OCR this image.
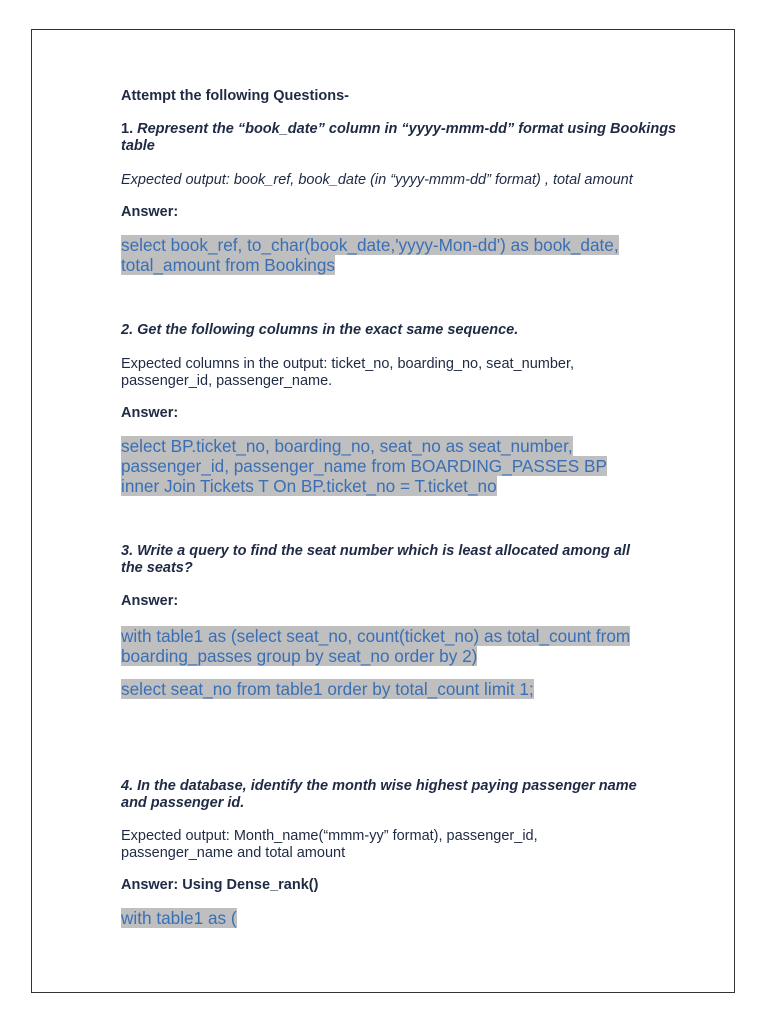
Attempt the following Questions-

1. Represent the “book_date” column in “yyyy-mmm-dd” format using Bookings table

Expected output: book_ref, book_date (in “yyyy-mmm-dd” format) , total amount

Answer:

select book_ref, to_char(book_date,'yyyy-Mon-dd') as book_date,
total_amount from Bookings
2. Get the following columns in the exact same sequence.
Expected columns in the output: ticket_no, boarding_no, seat_number,
passenger_id, passenger_name.

Answer:

select BP.ticket_no, boarding_no, seat_no as seat_number,
passenger_id, passenger_name from BOARDING_PASSES BP
inner Join Tickets T On BP.ticket_no = T.ticket_no
3. Write a query to find the seat number which is least allocated among all
the seats?

Answer:

with table1 as (select seat_no, count(ticket_no) as total_count from
boarding_passes group by seat_no order by 2)
select seat_no from table1 order by total_count limit 1;
4. In the database, identify the month wise highest paying passenger name
and passenger id.
Expected output: Month_name(“mmm-yy” format), passenger_id,
passenger_name and total amount

Answer: Using Dense_rank()

with table1 as (
